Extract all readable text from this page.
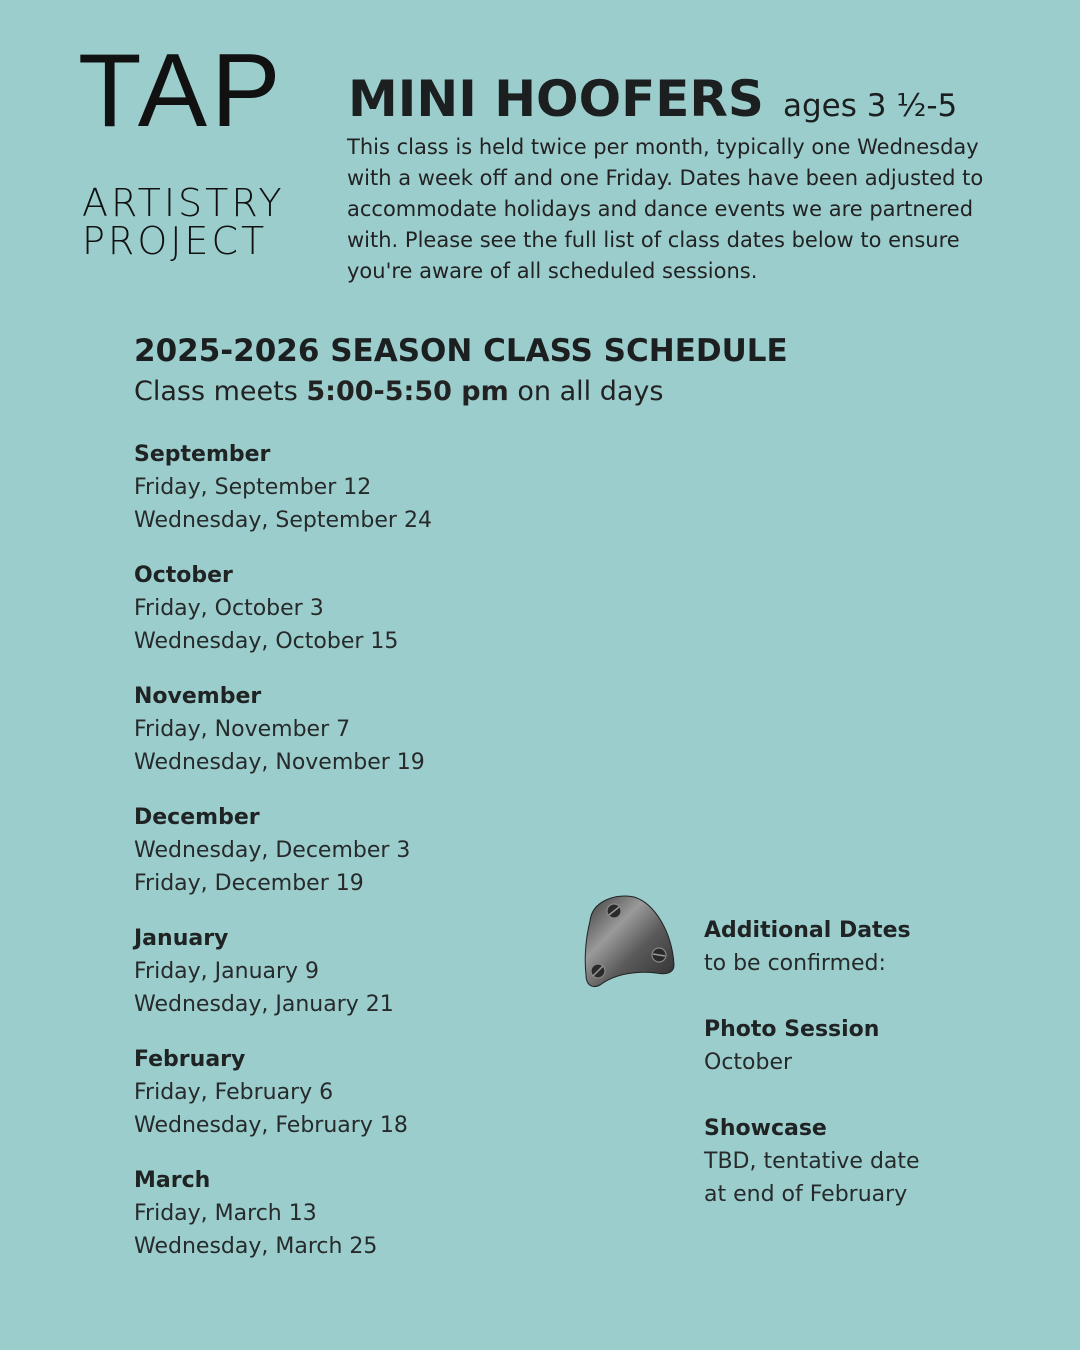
TAP
ARTISTRY
PROJECT
MINI HOOFERS ages 3 ½-5
This class is held twice per month, typically one Wednesday with a week off and one Friday. Dates have been adjusted to accommodate holidays and dance events we are partnered with. Please see the full list of class dates below to ensure you're aware of all scheduled sessions.
2025-2026 SEASON CLASS SCHEDULE
Class meets 5:00-5:50 pm on all days
September
Friday, September 12
Wednesday, September 24
October
Friday, October 3
Wednesday, October 15
November
Friday, November 7
Wednesday, November 19
December
Wednesday, December 3
Friday, December 19
January
Friday, January 9
Wednesday, January 21
February
Friday, February 6
Wednesday, February 18
March
Friday, March 13
Wednesday, March 25
Additional Dates
to be confirmed:
Photo Session
October
Showcase
TBD, tentative date
at end of February
